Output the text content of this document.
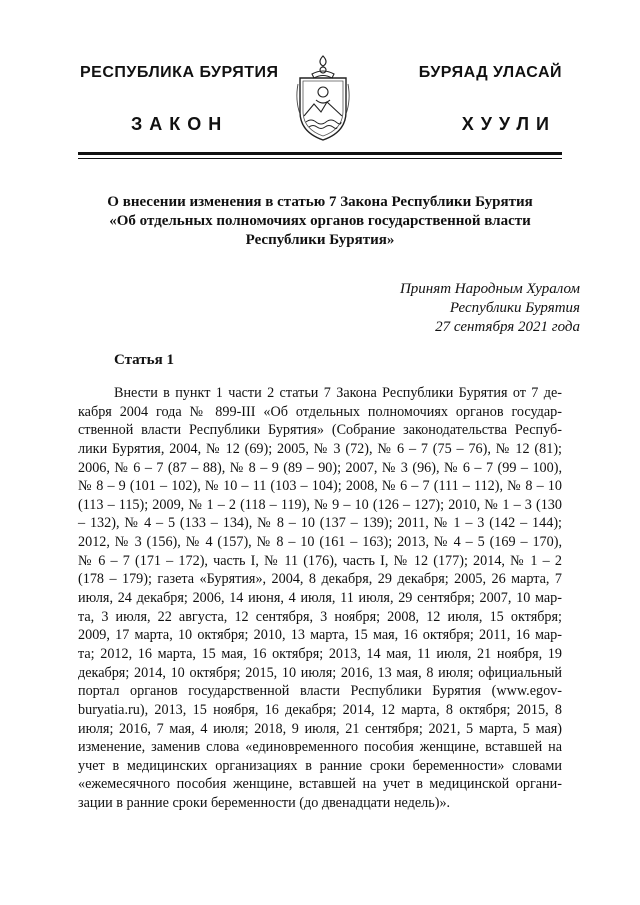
РЕСПУБЛИКА БУРЯТИЯ	БУРЯАД УЛАСАЙ
ЗАКОН	ХУУЛИ
О внесении изменения в статью 7 Закона Республики Бурятия
«Об отдельных полномочиях органов государственной власти
Республики Бурятия»
Принят Народным Хуралом
Республики Бурятия
27 сентября 2021 года
Статья 1
Внести в пункт 1 части 2 статьи 7 Закона Республики Бурятия от 7 де-
кабря 2004 года № 899-III «Об отдельных полномочиях органов государ-
ственной власти Республики Бурятия» (Собрание законодательства Респуб-
лики Бурятия, 2004, № 12 (69); 2005, № 3 (72), № 6 – 7 (75 – 76), № 12 (81);
2006, № 6 – 7 (87 – 88), № 8 – 9 (89 – 90); 2007, № 3 (96), № 6 – 7 (99 – 100),
№ 8 – 9 (101 – 102), № 10 – 11 (103 – 104); 2008, № 6 – 7 (111 – 112), № 8 – 10
(113 – 115); 2009, № 1 – 2 (118 – 119), № 9 – 10 (126 – 127); 2010, № 1 – 3 (130
– 132), № 4 – 5 (133 – 134), № 8 – 10 (137 – 139); 2011, № 1 – 3 (142 – 144);
2012, № 3 (156), № 4 (157), № 8 – 10 (161 – 163); 2013, № 4 – 5 (169 – 170),
№ 6 – 7 (171 – 172), часть I, № 11 (176), часть I, № 12 (177); 2014, № 1 – 2
(178 – 179); газета «Бурятия», 2004, 8 декабря, 29 декабря; 2005, 26 марта, 7
июля, 24 декабря; 2006, 14 июня, 4 июля, 11 июля, 29 сентября; 2007, 10 мар-
та, 3 июля, 22 августа, 12 сентября, 3 ноября; 2008, 12 июля, 15 октября;
2009, 17 марта, 10 октября; 2010, 13 марта, 15 мая, 16 октября; 2011, 16 мар-
та; 2012, 16 марта, 15 мая, 16 октября; 2013, 14 мая, 11 июля, 21 ноября, 19
декабря; 2014, 10 октября; 2015, 10 июля; 2016, 13 мая, 8 июля; официальный
портал органов государственной власти Республики Бурятия (www.egov-
buryatia.ru), 2013, 15 ноября, 16 декабря; 2014, 12 марта, 8 октября; 2015, 8
июля; 2016, 7 мая, 4 июля; 2018, 9 июля, 21 сентября; 2021, 5 марта, 5 мая)
изменение, заменив слова «единовременного пособия женщине, вставшей на
учет в медицинских организациях в ранние сроки беременности» словами
«ежемесячного пособия женщине, вставшей на учет в медицинской органи-
зации в ранние сроки беременности (до двенадцати недель)».
